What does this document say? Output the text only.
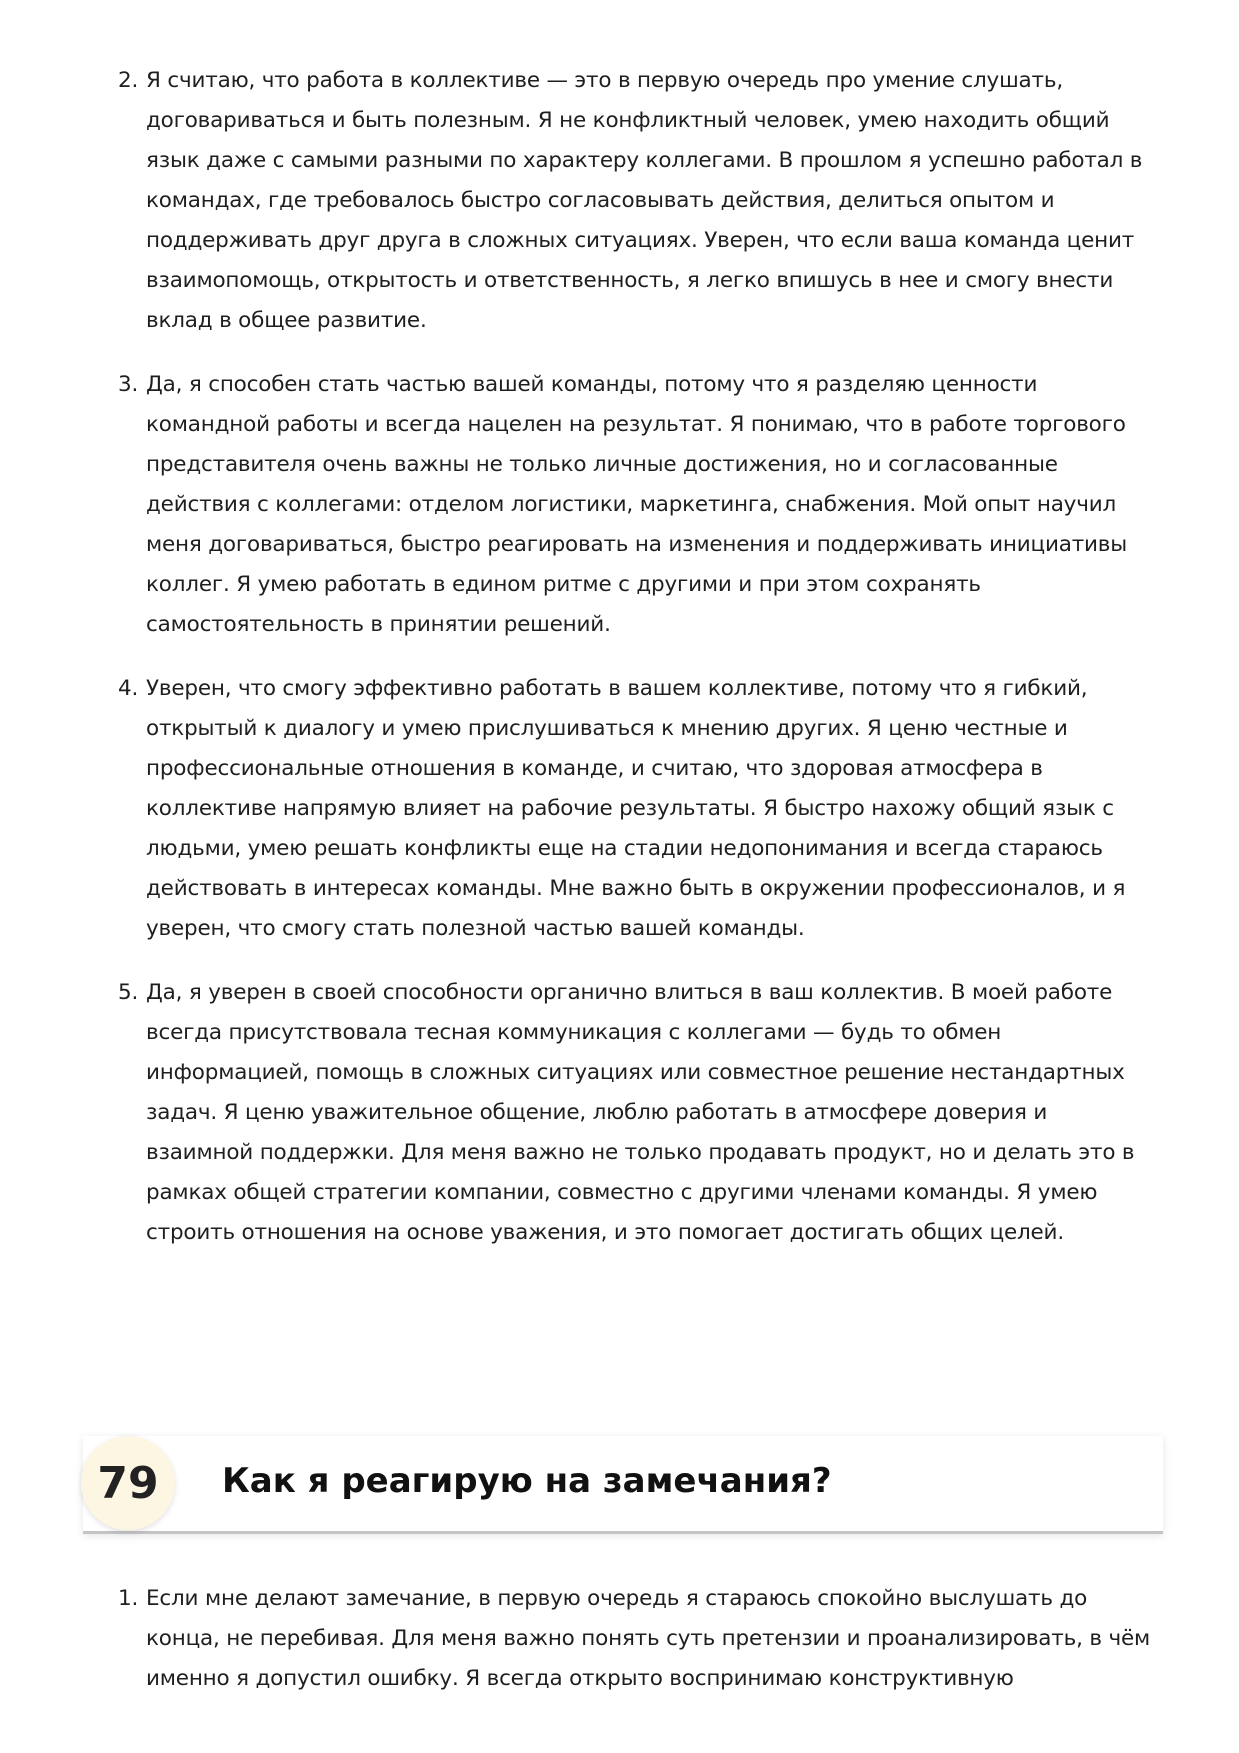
2. Я считаю, что работа в коллективе — это в первую очередь про умение слушать, договариваться и быть полезным. Я не конфликтный человек, умею находить общий язык даже с самыми разными по характеру коллегами. В прошлом я успешно работал в командах, где требовалось быстро согласовывать действия, делиться опытом и поддерживать друг друга в сложных ситуациях. Уверен, что если ваша команда ценит взаимопомощь, открытость и ответственность, я легко впишусь в нее и смогу внести вклад в общее развитие.
3. Да, я способен стать частью вашей команды, потому что я разделяю ценности командной работы и всегда нацелен на результат. Я понимаю, что в работе торгового представителя очень важны не только личные достижения, но и согласованные действия с коллегами: отделом логистики, маркетинга, снабжения. Мой опыт научил меня договариваться, быстро реагировать на изменения и поддерживать инициативы коллег. Я умею работать в едином ритме с другими и при этом сохранять самостоятельность в принятии решений.
4. Уверен, что смогу эффективно работать в вашем коллективе, потому что я гибкий, открытый к диалогу и умею прислушиваться к мнению других. Я ценю честные и профессиональные отношения в команде, и считаю, что здоровая атмосфера в коллективе напрямую влияет на рабочие результаты. Я быстро нахожу общий язык с людьми, умею решать конфликты еще на стадии недопонимания и всегда стараюсь действовать в интересах команды. Мне важно быть в окружении профессионалов, и я уверен, что смогу стать полезной частью вашей команды.
5. Да, я уверен в своей способности органично влиться в ваш коллектив. В моей работе всегда присутствовала тесная коммуникация с коллегами — будь то обмен информацией, помощь в сложных ситуациях или совместное решение нестандартных задач. Я ценю уважительное общение, люблю работать в атмосфере доверия и взаимной поддержки. Для меня важно не только продавать продукт, но и делать это в рамках общей стратегии компании, совместно с другими членами команды. Я умею строить отношения на основе уважения, и это помогает достигать общих целей.
79	Как я реагирую на замечания?
1. Если мне делают замечание, в первую очередь я стараюсь спокойно выслушать до конца, не перебивая. Для меня важно понять суть претензии и проанализировать, в чём именно я допустил ошибку. Я всегда открыто воспринимаю конструктивную
